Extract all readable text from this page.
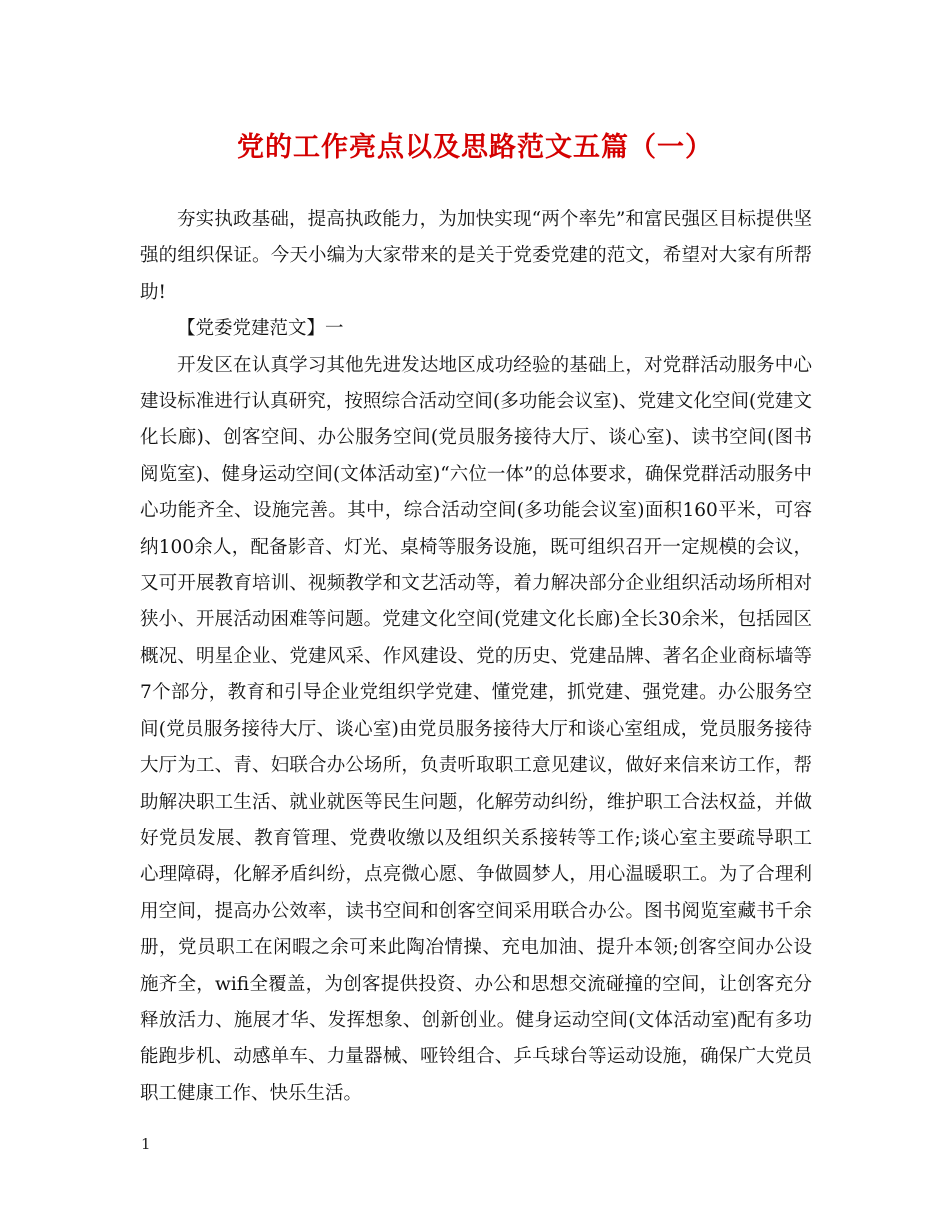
党的工作亮点以及思路范文五篇（一）

夯实执政基础，提高执政能力，为加快实现“两个率先”和富民强区目标提供坚强的组织保证。今天小编为大家带来的是关于党委党建的范文，希望对大家有所帮助!

【党委党建范文】一

开发区在认真学习其他先进发达地区成功经验的基础上，对党群活动服务中心建设标准进行认真研究，按照综合活动空间(多功能会议室)、党建文化空间(党建文化长廊)、创客空间、办公服务空间(党员服务接待大厅、谈心室)、读书空间(图书阅览室)、健身运动空间(文体活动室)“六位一体”的总体要求，确保党群活动服务中心功能齐全、设施完善。其中，综合活动空间(多功能会议室)面积160平米，可容纳100余人，配备影音、灯光、桌椅等服务设施，既可组织召开一定规模的会议，又可开展教育培训、视频教学和文艺活动等，着力解决部分企业组织活动场所相对狭小、开展活动困难等问题。党建文化空间(党建文化长廊)全长30余米，包括园区概况、明星企业、党建风采、作风建设、党的历史、党建品牌、著名企业商标墙等7个部分，教育和引导企业党组织学党建、懂党建，抓党建、强党建。办公服务空间(党员服务接待大厅、谈心室)由党员服务接待大厅和谈心室组成，党员服务接待大厅为工、青、妇联合办公场所，负责听取职工意见建议，做好来信来访工作，帮助解决职工生活、就业就医等民生问题，化解劳动纠纷，维护职工合法权益，并做好党员发展、教育管理、党费收缴以及组织关系接转等工作;谈心室主要疏导职工心理障碍，化解矛盾纠纷，点亮微心愿、争做圆梦人，用心温暖职工。为了合理利用空间，提高办公效率，读书空间和创客空间采用联合办公。图书阅览室藏书千余册，党员职工在闲暇之余可来此陶冶情操、充电加油、提升本领;创客空间办公设施齐全，wifi全覆盖，为创客提供投资、办公和思想交流碰撞的空间，让创客充分释放活力、施展才华、发挥想象、创新创业。健身运动空间(文体活动室)配有多功能跑步机、动感单车、力量器械、哑铃组合、乒乓球台等运动设施，确保广大党员职工健康工作、快乐生活。

1
